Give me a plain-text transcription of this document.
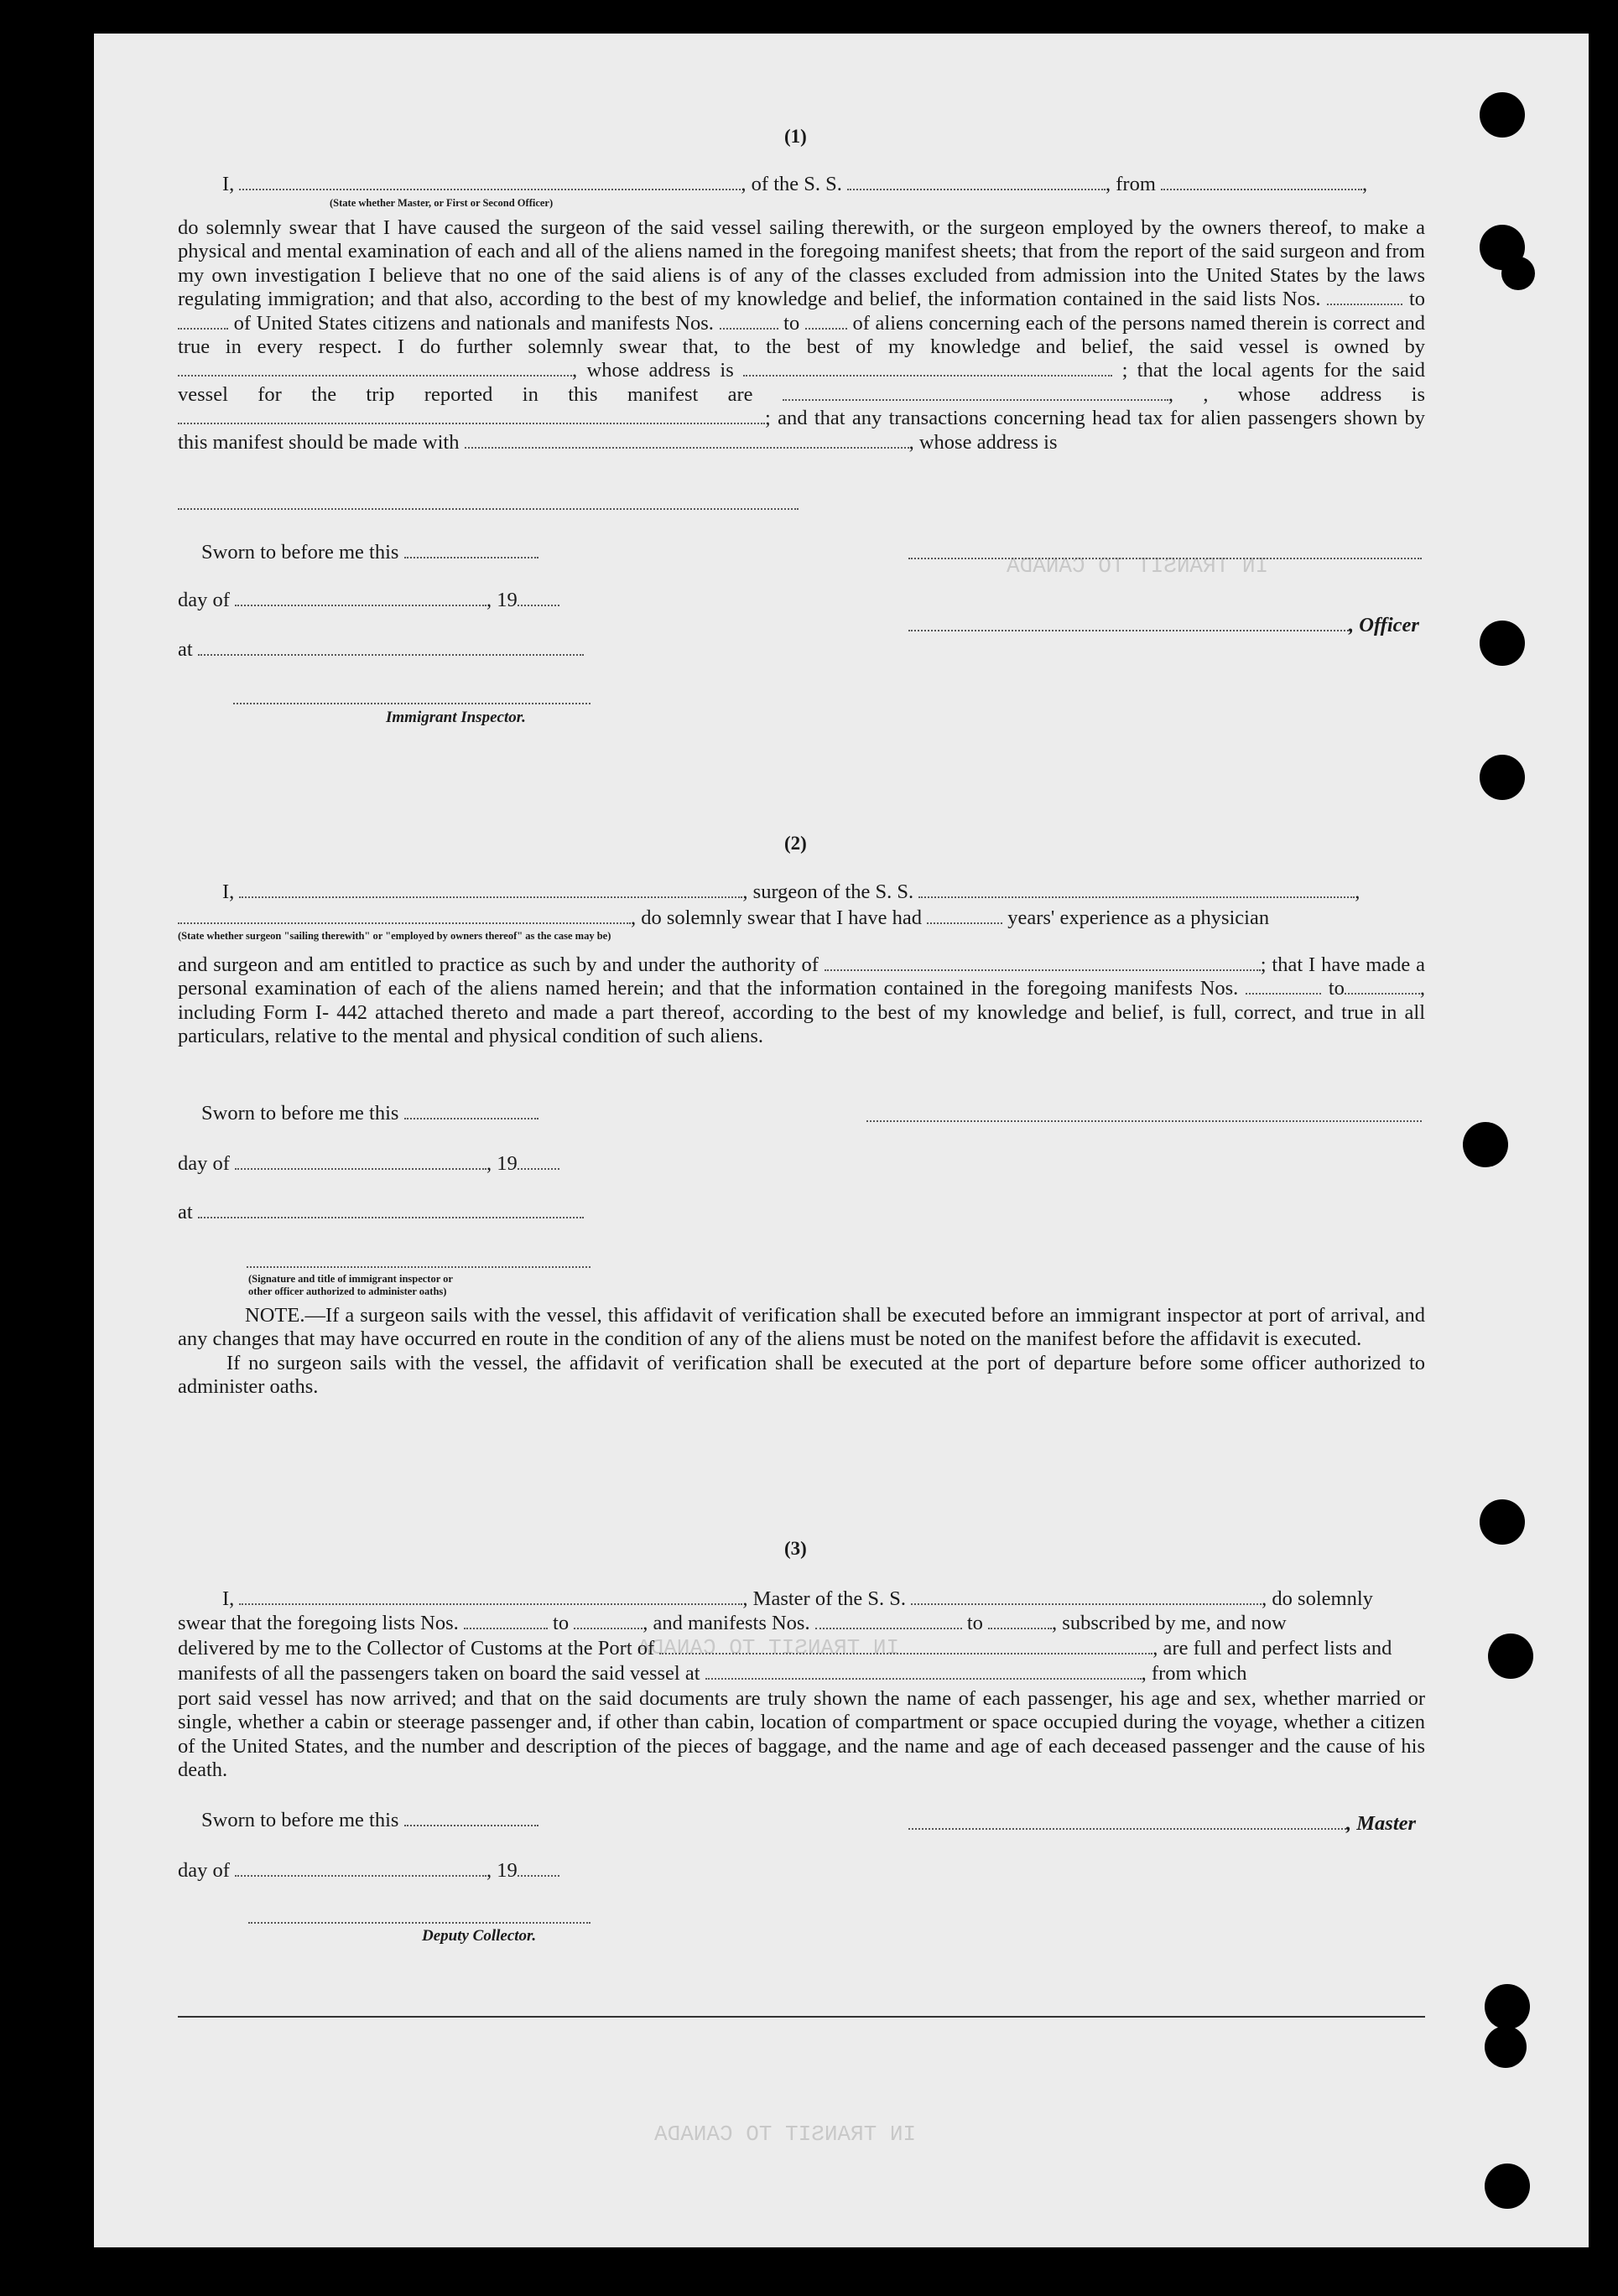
IN TRANSIT TO CANADA
IN TRANSIT TO CANADA
IN TRANSIT TO CANADA
(1)
I,	, of the S. S.	, from	,
(State whether Master, or First or Second Officer)

do solemnly swear that I have caused the surgeon of the said vessel sailing therewith, or the surgeon employed by the owners thereof, to make a physical and mental examination of each and all of the aliens named in the foregoing manifest sheets; that from the report of the said surgeon and from my own investigation I believe that no one of the said aliens is of any of the classes excluded from admission into the United States by the laws regulating immigration; and that also, according to the best of my knowledge and belief, the information contained in the said lists Nos.	to  of United States citizens and nationals and manifests Nos.	to	of aliens concerning each of the persons named therein is correct and true in every respect. I do further solemnly swear that, to the best of my knowledge and belief, the said vessel is owned by , whose address is	; that the local agents for the said vessel for the trip reported in this manifest are	, , whose address is ; and that any transactions concerning head tax for alien passengers shown by this manifest should be made with	, whose address is

Sworn to before me this
day of	, 19
, Officer
at
Immigrant Inspector.
(2)
I,	, surgeon of the S. S.	,
, do solemnly swear that I have had	years' experience as a physician
(State whether surgeon "sailing therewith" or "employed by owners thereof" as the case may be)

and surgeon and am entitled to practice as such by and under the authority of	; that I have made a personal examination of each of the aliens named herein; and that the information contained in the foregoing manifests Nos.	to	, including Form I- 442 attached thereto and made a part thereof, according to the best of my knowledge and belief, is full, correct, and true in all particulars, relative to the mental and physical condition of such aliens.

Sworn to before me this
day of	, 19
at
(Signature and title of immigrant inspector or
other officer authorized to administer oaths)

NOTE.—If a surgeon sails with the vessel, this affidavit of verification shall be executed before an immigrant inspector at port of arrival, and any changes that may have occurred en route in the condition of any of the aliens must be noted on the manifest before the affidavit is executed.

If no surgeon sails with the vessel, the affidavit of verification shall be executed at the port of departure before some officer authorized to administer oaths.

(3)
I,	, Master of the S. S.	, do solemnly
swear that the foregoing lists Nos.	to	, and manifests Nos.	to	, subscribed by me, and now
delivered by me to the Collector of Customs at the Port of	, are full and perfect lists and
manifests of all the passengers taken on board the said vessel at	, from which

port said vessel has now arrived; and that on the said documents are truly shown the name of each passenger, his age and sex, whether married or single, whether a cabin or steerage passenger and, if other than cabin, location of compartment or space occupied during the voyage, whether a citizen of the United States, and the number and description of the pieces of baggage, and the name and age of each deceased passenger and the cause of his death.

Sworn to before me this	, Master
day of	, 19
Deputy Collector.
